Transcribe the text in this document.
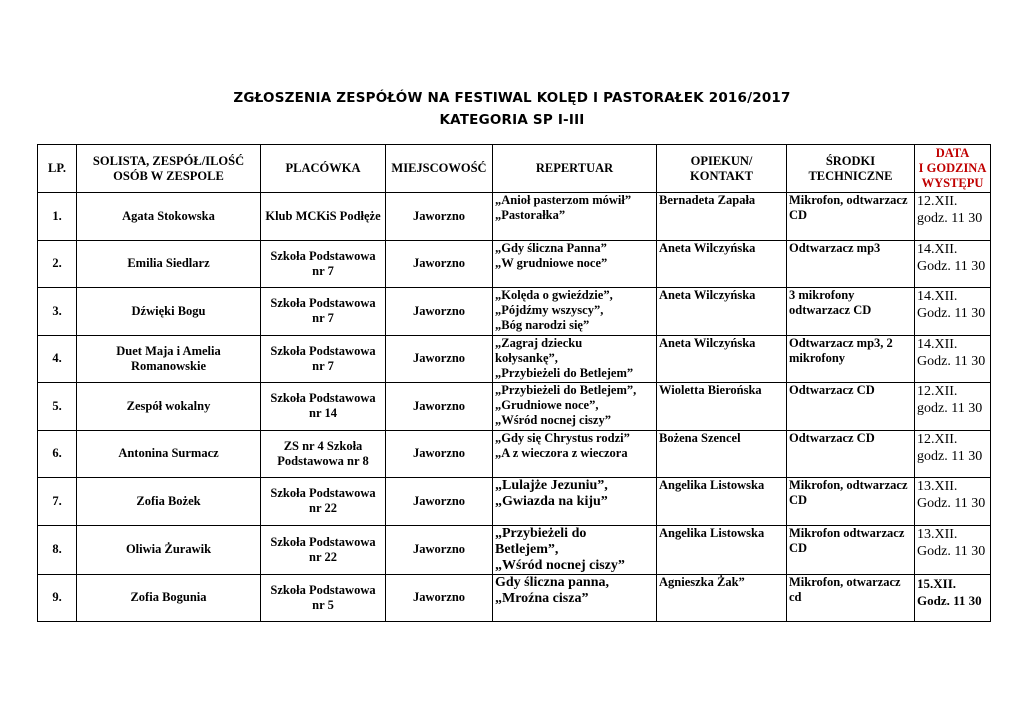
ZGŁOSZENIA ZESPÓŁÓW NA FESTIWAL KOLĘD I PASTORAŁEK 2016/2017
KATEGORIA SP I-III
LP.	SOLISTA, ZESPÓŁ/ILOŚĆ
OSÓB W ZESPOLE	PLACÓWKA	MIEJSCOWOŚĆ	REPERTUAR	OPIEKUN/
KONTAKT	ŚRODKI
TECHNICZNE	DATA
I GODZINA
WYSTĘPU

1.	Agata Stokowska	Klub MCKiS Podłęże	Jaworzno	„Anioł pasterzom mówił”
„Pastorałka”	Bernadeta Zapała	Mikrofon, odtwarzacz
CD	12.XII.
godz. 11 30

2.	Emilia Siedlarz	Szkoła Podstawowa
nr 7	Jaworzno	„Gdy śliczna Panna”
„W grudniowe noce”	Aneta Wilczyńska	Odtwarzacz mp3	14.XII.
Godz. 11 30

3.	Dźwięki Bogu	Szkoła Podstawowa
nr 7	Jaworzno	„Kolęda o gwieździe”,
„Pójdźmy wszyscy”,
„Bóg narodzi się”	Aneta Wilczyńska	3 mikrofony
odtwarzacz CD	14.XII.
Godz. 11 30

4.	Duet Maja i Amelia
Romanowskie	Szkoła Podstawowa
nr 7	Jaworzno	„Zagraj dziecku
kołysankę”,
„Przybieżeli do Betlejem”	Aneta Wilczyńska	Odtwarzacz mp3, 2
mikrofony	14.XII.
Godz. 11 30

5.	Zespół wokalny	Szkoła Podstawowa
nr 14	Jaworzno	„Przybieżeli do Betlejem”,
„Grudniowe noce”,
„Wśród nocnej ciszy”	Wioletta Bierońska	Odtwarzacz CD	12.XII.
godz. 11 30

6.	Antonina Surmacz	ZS nr 4 Szkoła
Podstawowa nr 8	Jaworzno	„Gdy się Chrystus rodzi”
„A z wieczora z wieczora	Bożena Szencel	Odtwarzacz CD	12.XII.
godz. 11 30

7.	Zofia Bożek	Szkoła Podstawowa
nr 22	Jaworzno	„Lulajże Jezuniu”,
„Gwiazda na kiju”	Angelika Listowska	Mikrofon, odtwarzacz
CD	13.XII.
Godz. 11 30

8.	Oliwia Żurawik	Szkoła Podstawowa
nr 22	Jaworzno	„Przybieżeli do
Betlejem”,
„Wśród nocnej ciszy”	Angelika Listowska	Mikrofon odtwarzacz
CD	13.XII.
Godz. 11 30

9.	Zofia Bogunia	Szkoła Podstawowa
nr 5	Jaworzno	Gdy śliczna panna,
„Mroźna cisza”	Agnieszka Żak”	Mikrofon, otwarzacz
cd	15.XII.
Godz. 11 30
